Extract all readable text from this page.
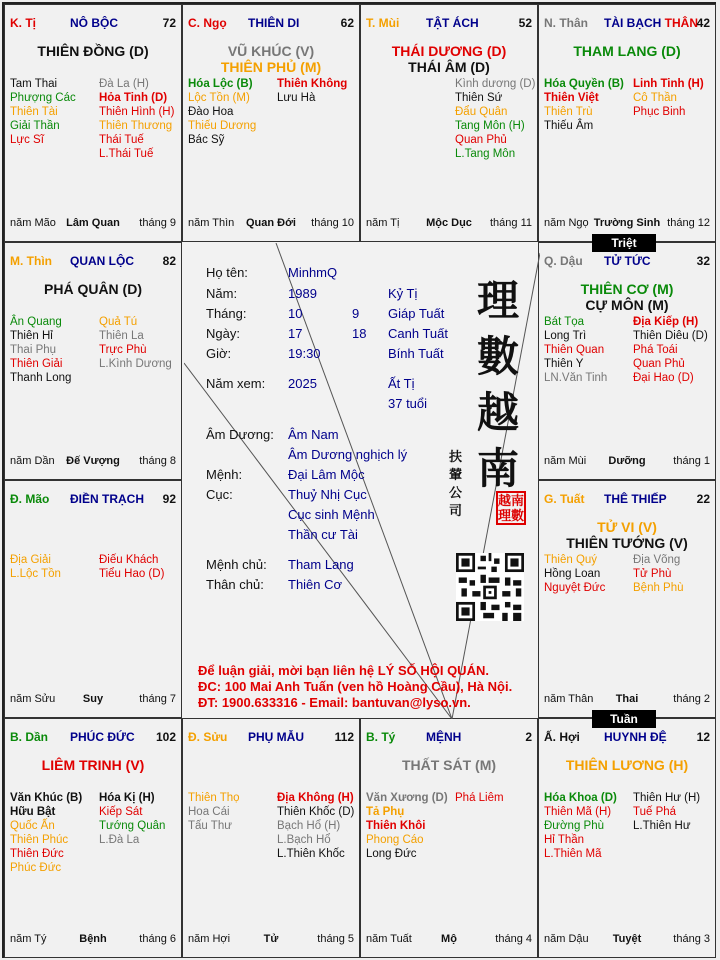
K. Tị	NÔ BỘC	72
THIÊN ĐỒNG (D)
Tam Thai
Phượng Các
Thiên Tài
Giải Thần
Lực Sĩ
Đà La (H)
Hỏa Tinh (D)
Thiên Hình (H)
Thiên Thương
Thái Tuế
L.Thái Tuế
năm Mão Lâm Quan	tháng 9
C. Ngọ THIÊN DI	62
VŨ KHÚC (V)
THIÊN PHỦ (M)
Hóa Lộc (B)
Lộc Tồn (M)
Đào Hoa
Thiếu Dương
Bác Sỹ
Thiên Không
Lưu Hà
năm Thìn	Quan Đới	tháng 10
T. Mùi TẬT ÁCH	52
THÁI DƯƠNG (D)
THÁI ÂM (D)
Kình dương (D)
Thiên Sứ
Đẩu Quân
Tang Môn (H)
Quan Phủ
L.Tang Môn
năm Tị	Mộc Dục	tháng 11
N. Thân TÀI BẠCH THÂN
42
THAM LANG (D)
Hóa Quyền (B)
Thiên Việt
Thiên Trù
Thiếu Âm
Linh Tinh (H)
Cô Thần
Phục Binh
năm Ngọ Trường Sinh tháng 12
M. Thìn QUAN LỘC 82
PHÁ QUÂN (D)
Ân Quang
Thiên Hỉ
Thai Phụ
Thiên Giải
Thanh Long
Quả Tú
Thiên La
Trực Phù
L.Kình Dương
năm Dần	Đế Vượng	tháng 8
Q. Dậu TỬ TỨC	32
THIÊN CƠ (M)
CỰ MÔN (M)
Bát Tọa
Long Trì
Thiên Quan
Thiên Y
LN.Văn Tinh
Địa Kiếp (H)
Thiên Diêu (D)
Phá Toái
Quan Phủ
Đại Hao (D)
năm Mùi	Dưỡng	tháng 1
Đ. Mão ĐIỀN TRẠCH 92
Địa Giải
L.Lộc Tồn
Điếu Khách
Tiểu Hao (D)
năm Sửu	Suy	tháng 7
G. Tuất THÊ THIẾP 22
TỬ VI (V)
THIÊN TƯỚNG (V)
Thiên Quý
Hồng Loan
Nguyệt Đức
Địa Võng
Tử Phù
Bệnh Phù
năm Thân	Thai	tháng 2
B. Dần PHÚC ĐỨC 102
LIÊM TRINH (V)
Văn Khúc (B)
Hữu Bật
Quốc Ấn
Thiên Phúc
Thiên Đức
Phúc Đức
Hóa Kị (H)
Kiếp Sát
Tướng Quân
L.Đà La
năm Tý	Bệnh	tháng 6
Đ. Sửu PHỤ MẪU	112
Thiên Thọ
Hoa Cái
Tấu Thư
Địa Không (H)
Thiên Khốc (D)
Bạch Hổ (H)
L.Bạch Hổ
L.Thiên Khốc
năm Hợi	Tử	tháng 5
B. Tý	MỆNH	2
THẤT SÁT (M)
Văn Xương (D)
Tả Phụ
Thiên Khôi
Phong Cáo
Long Đức
Phá Liêm
năm Tuất	Mộ	tháng 4
Ấ. Hợi HUYNH ĐỆ 12
THIÊN LƯƠNG (H)
Hóa Khoa (D)
Thiên Mã (H)
Đường Phù
Hỉ Thần
L.Thiên Mã
Thiên Hư (H)
Tuế Phá
L.Thiên Hư
năm Dậu	Tuyệt	tháng 3
Triệt
Tuần
Họ tên:	MinhmQ
Năm:	1989	Kỷ Tị
Tháng:	10	9 Giáp Tuất
Ngày:	17	18 Canh Tuất
Giờ:	19:30	Bính Tuất
Năm xem: 2025	Ất Tị
37 tuổi
Âm Dương: Âm Nam
Âm Dương nghịch lý
Mệnh:	Đại Lâm Mộc
Cục:	Thuỷ Nhị Cục
Cục sinh Mệnh
Thần cư Tài
Mệnh chủ: Tham Lang
Thân chủ: Thiên Cơ
理數越南
扶
輦
公
司
越南
理數
Để luận giải, mời bạn liên hệ LÝ SỐ HỘI QUÁN.
ĐC: 100 Mai Anh Tuấn (ven hồ Hoàng Cầu), Hà Nội.
ĐT: 1900.633316 - Email: bantuvan@lyso.vn.
